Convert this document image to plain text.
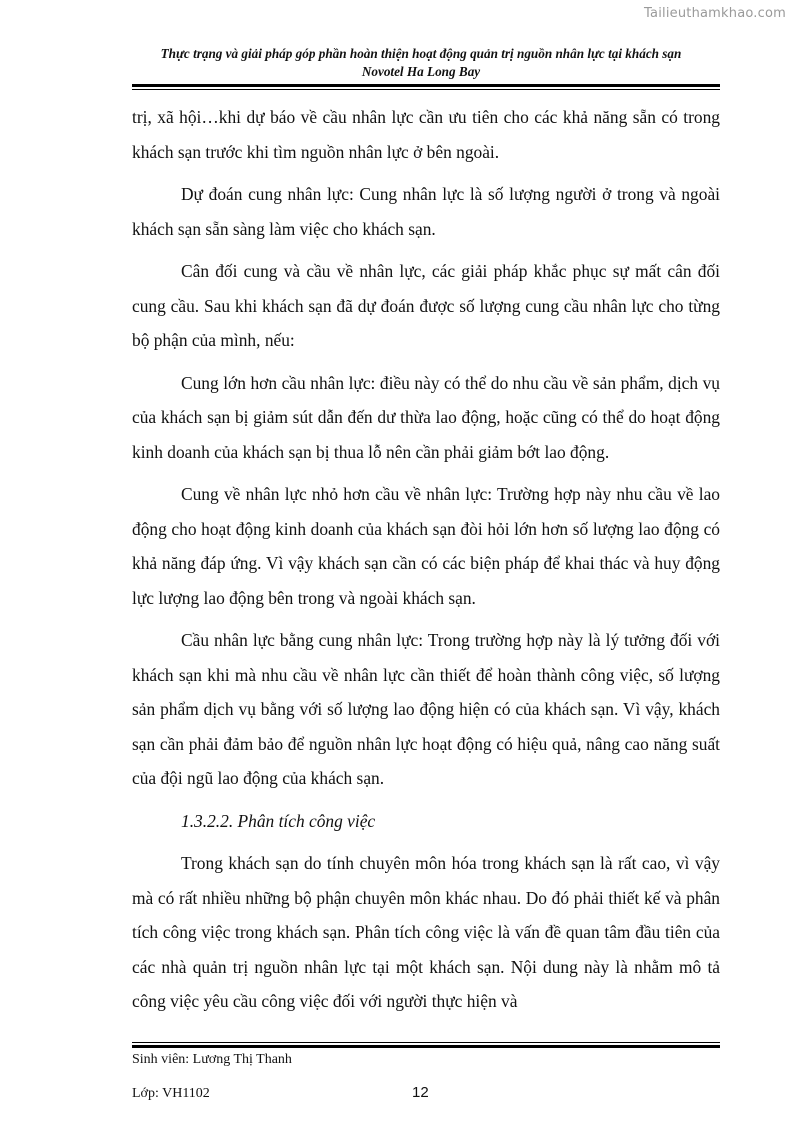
Tailieuthamkhao.com
Thực trạng và giải pháp góp phần hoàn thiện hoạt động quản trị nguồn nhân lực tại khách sạn
Novotel Ha Long Bay

trị, xã hội…khi dự báo về cầu nhân lực cần ưu tiên cho các khả năng sẵn có trong khách sạn trước khi tìm nguồn nhân lực ở bên ngoài.

Dự đoán cung nhân lực: Cung nhân lực là số lượng người ở trong và ngoài khách sạn sẵn sàng làm việc cho khách sạn.

Cân đối cung và cầu về nhân lực, các giải pháp khắc phục sự mất cân đối cung cầu. Sau khi khách sạn đã dự đoán được số lượng cung cầu nhân lực cho từng bộ phận của mình, nếu:

Cung lớn hơn cầu nhân lực: điều này có thể do nhu cầu về sản phẩm, dịch vụ của khách sạn bị giảm sút dẫn đến dư thừa lao động, hoặc cũng có thể do hoạt động kinh doanh của khách sạn bị thua lỗ nên cần phải giảm bớt lao động.

Cung về nhân lực nhỏ hơn cầu về nhân lực: Trường hợp này nhu cầu về lao động cho hoạt động kinh doanh của khách sạn đòi hỏi lớn hơn số lượng lao động có khả năng đáp ứng. Vì vậy khách sạn cần có các biện pháp để khai thác và huy động lực lượng lao động bên trong và ngoài khách sạn.

Cầu nhân lực bằng cung nhân lực: Trong trường hợp này là lý tưởng đối với khách sạn khi mà nhu cầu về nhân lực cần thiết để hoàn thành công việc, số lượng sản phẩm dịch vụ bằng với số lượng lao động hiện có của khách sạn. Vì vậy, khách sạn cần phải đảm bảo để nguồn nhân lực hoạt động có hiệu quả, nâng cao năng suất của đội ngũ lao động của khách sạn.

1.3.2.2. Phân tích công việc

Trong khách sạn do tính chuyên môn hóa trong khách sạn là rất cao, vì vậy mà có rất nhiều những bộ phận chuyên môn khác nhau. Do đó phải thiết kế và phân tích công việc trong khách sạn. Phân tích công việc là vấn đề quan tâm đầu tiên của các nhà quản trị nguồn nhân lực tại một khách sạn. Nội dung này là nhằm mô tả công việc yêu cầu công việc đối với người thực hiện và

Sinh viên: Lương Thị Thanh
Lớp: VH1102	12
